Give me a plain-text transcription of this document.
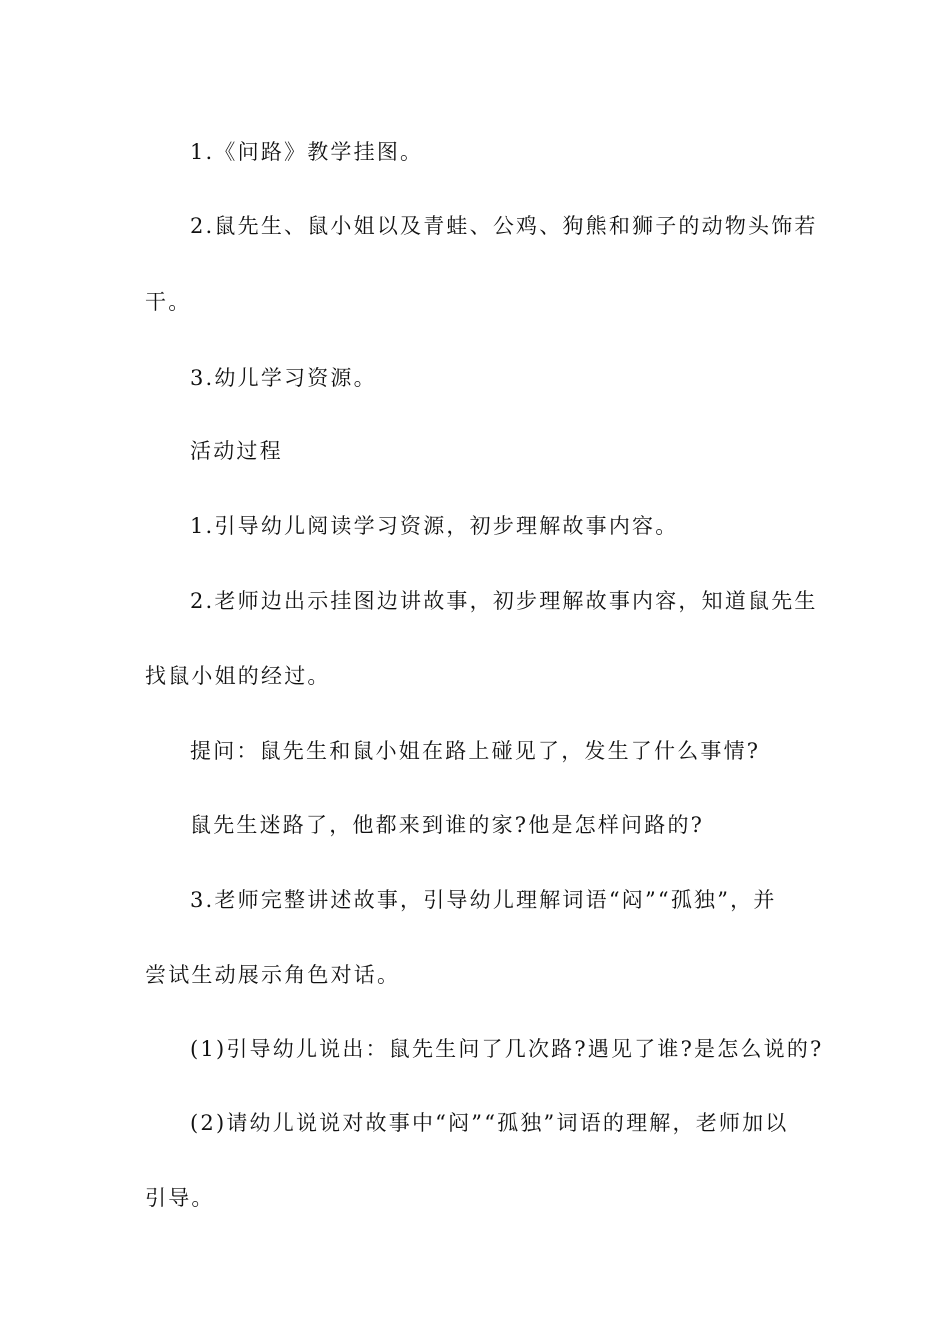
1.《问路》教学挂图。
2.鼠先生、鼠小姐以及青蛙、公鸡、狗熊和狮子的动物头饰若
干。
3.幼儿学习资源。
活动过程
1.引导幼儿阅读学习资源，初步理解故事内容。
2.老师边出示挂图边讲故事，初步理解故事内容，知道鼠先生
找鼠小姐的经过。
提问：鼠先生和鼠小姐在路上碰见了，发生了什么事情?
鼠先生迷路了，他都来到谁的家?他是怎样问路的?
3.老师完整讲述故事，引导幼儿理解词语“闷”“孤独”，并
尝试生动展示角色对话。
(1)引导幼儿说出：鼠先生问了几次路?遇见了谁?是怎么说的?
(2)请幼儿说说对故事中“闷”“孤独”词语的理解，老师加以
引导。
